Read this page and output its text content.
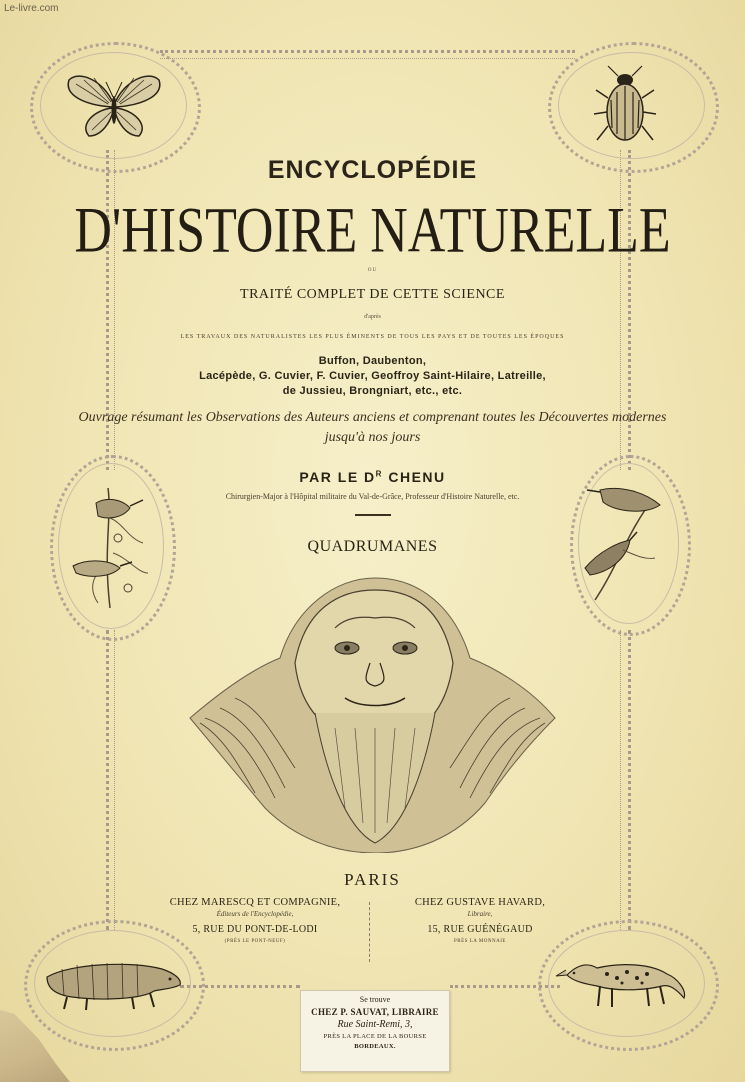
Le-livre.com
ENCYCLOPÉDIE
D'HISTOIRE NATURELLE
OU
TRAITÉ COMPLET DE CETTE SCIENCE
d'après
LES TRAVAUX DES NATURALISTES LES PLUS ÉMINENTS DE TOUS LES PAYS ET DE TOUTES LES ÉPOQUES
Buffon, Daubenton,
Lacépède, G. Cuvier, F. Cuvier, Geoffroy Saint-Hilaire, Latreille,
de Jussieu, Brongniart, etc., etc.
Ouvrage résumant les Observations des Auteurs anciens et comprenant toutes les Découvertes modernes
jusqu'à nos jours
PAR LE $D^R$ CHENU
Chirurgien-Major à l'Hôpital militaire du Val-de-Grâce, Professeur d'Histoire Naturelle, etc.
QUADRUMANES
PARIS
CHEZ MARESCQ ET COMPAGNIE,
Éditeurs de l'Encyclopédie,
5, RUE DU PONT-DE-LODI
(PRÈS LE PONT-NEUF)
CHEZ GUSTAVE HAVARD,
Libraire,
15, RUE GUÉNÉGAUD
PRÈS LA MONNAIE
Se trouve
CHEZ P. SAUVAT, LIBRAIRE
Rue Saint-Remi, 3,
PRÈS LA PLACE DE LA BOURSE
BORDEAUX.
